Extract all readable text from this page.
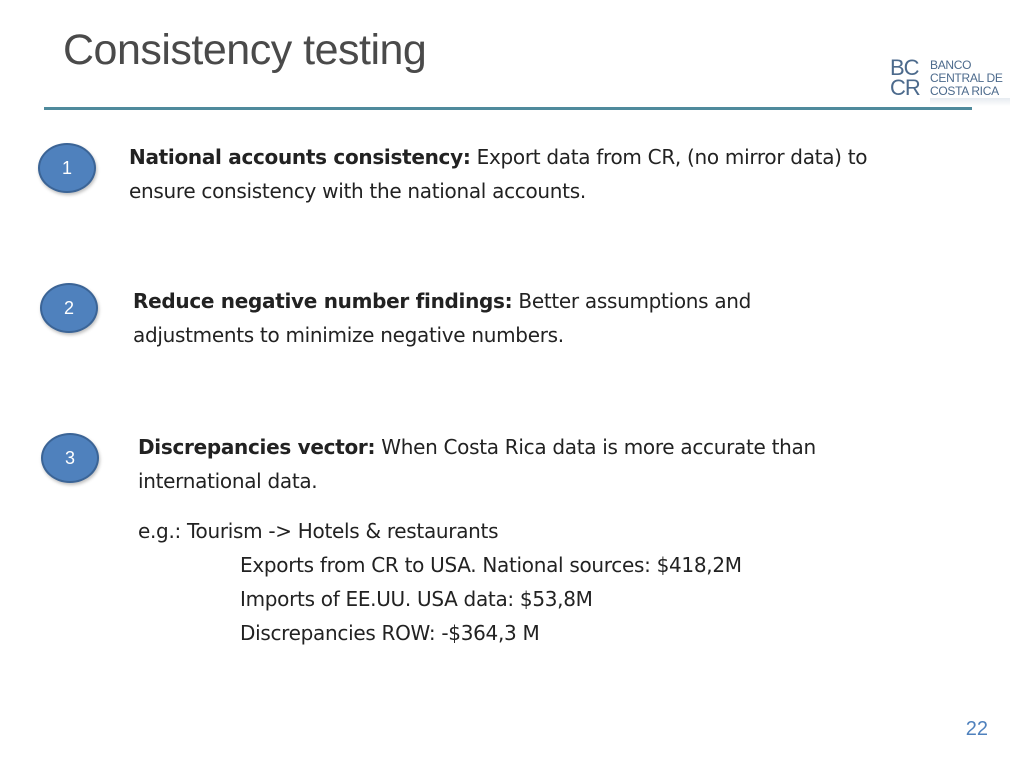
Consistency testing	BC
CR
BANCO
CENTRAL DE
COSTA RICA
1	National accounts consistency: Export data from CR, (no mirror data) to ensure consistency with the national accounts.
2	Reduce negative number findings: Better assumptions and adjustments to minimize negative numbers.
3	Discrepancies vector: When Costa Rica data is more accurate than international data.
e.g.: Tourism -> Hotels & restaurants
Exports from CR to USA. National sources: $418,2M
Imports of EE.UU. USA data: $53,8M
Discrepancies ROW: -$364,3 M
22
